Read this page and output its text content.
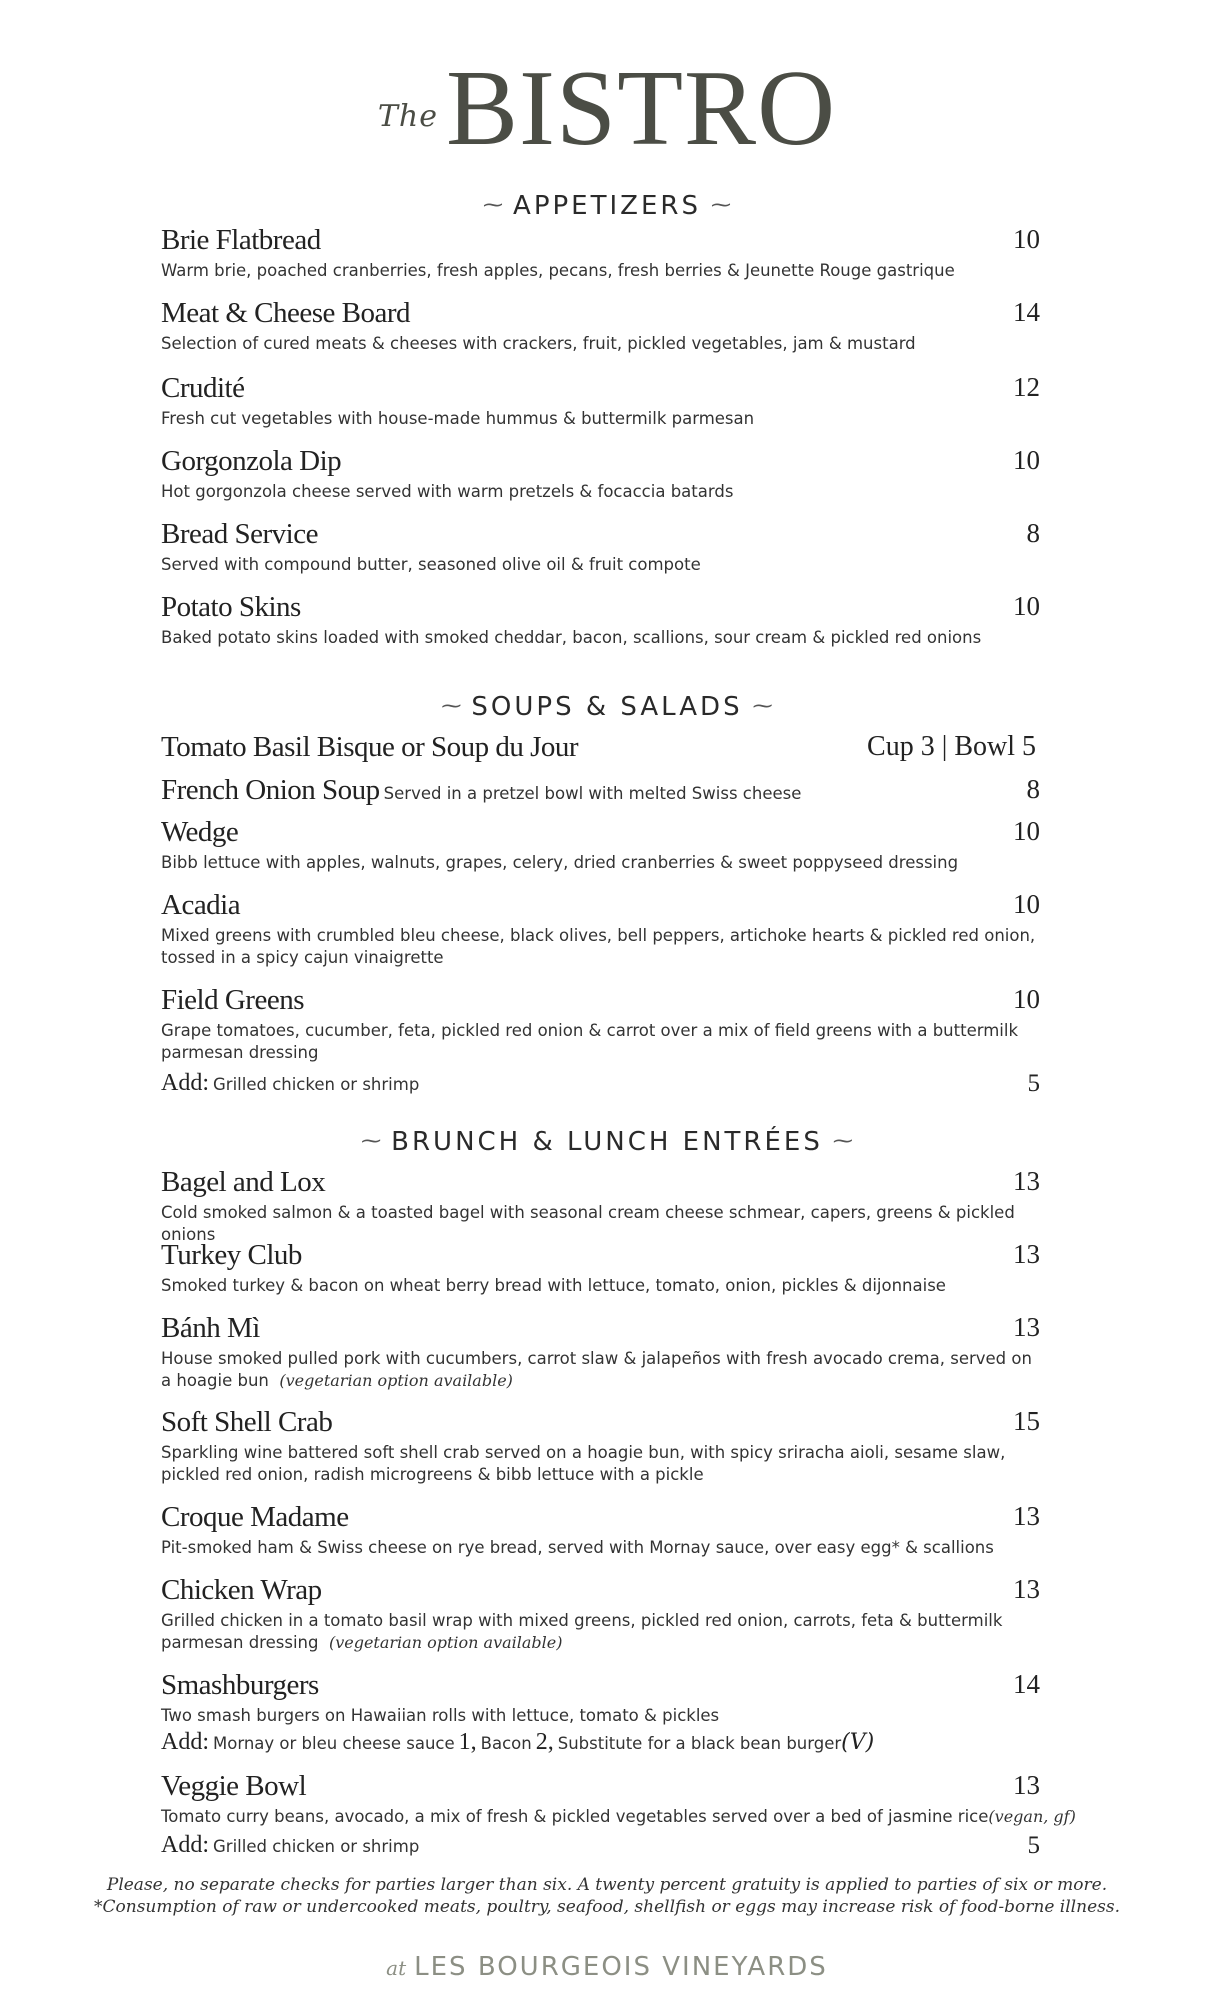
TheBISTRO
⁓ APPETIZERS ⁓
Brie Flatbread	10
Warm brie, poached cranberries, fresh apples, pecans, fresh berries & Jeunette Rouge gastrique
Meat & Cheese Board	14
Selection of cured meats & cheeses with crackers, fruit, pickled vegetables, jam & mustard
Crudité	12
Fresh cut vegetables with house-made hummus & buttermilk parmesan
Gorgonzola Dip	10
Hot gorgonzola cheese served with warm pretzels & focaccia batards
Bread Service	8
Served with compound butter, seasoned olive oil & fruit compote
Potato Skins	10
Baked potato skins loaded with smoked cheddar, bacon, scallions, sour cream & pickled red onions
⁓ SOUPS & SALADS ⁓
Tomato Basil Bisque or Soup du Jour	Cup 3 | Bowl 5
French Onion Soup Served in a pretzel bowl with melted Swiss cheese	8
Wedge	10
Bibb lettuce with apples, walnuts, grapes, celery, dried cranberries & sweet poppyseed dressing
Acadia	10
Mixed greens with crumbled bleu cheese, black olives, bell peppers, artichoke hearts & pickled red onion, tossed in a spicy cajun vinaigrette
Field Greens	10
Grape tomatoes, cucumber, feta, pickled red onion & carrot over a mix of field greens with a buttermilk parmesan dressing
Add: Grilled chicken or shrimp	5
⁓ BRUNCH & LUNCH ENTRÉES ⁓
Bagel and Lox	13
Cold smoked salmon & a toasted bagel with seasonal cream cheese schmear, capers, greens & pickled onions
Turkey Club	13
Smoked turkey & bacon on wheat berry bread with lettuce, tomato, onion, pickles & dijonnaise
Bánh Mì	13
House smoked pulled pork with cucumbers, carrot slaw & jalapeños with fresh avocado crema, served on a hoagie bun (vegetarian option available)
Soft Shell Crab	15
Sparkling wine battered soft shell crab served on a hoagie bun, with spicy sriracha aioli, sesame slaw, pickled red onion, radish microgreens & bibb lettuce with a pickle
Croque Madame	13
Pit-smoked ham & Swiss cheese on rye bread, served with Mornay sauce, over easy egg* & scallions
Chicken Wrap	13
Grilled chicken in a tomato basil wrap with mixed greens, pickled red onion, carrots, feta & buttermilk parmesan dressing (vegetarian option available)
Smashburgers	14
Two smash burgers on Hawaiian rolls with lettuce, tomato & pickles
Add: Mornay or bleu cheese sauce 1, Bacon 2, Substitute for a black bean burger(V)
Veggie Bowl	13
Tomato curry beans, avocado, a mix of fresh & pickled vegetables served over a bed of jasmine rice(vegan, gf)
Add: Grilled chicken or shrimp	5
Please, no separate checks for parties larger than six. A twenty percent gratuity is applied to parties of six or more.
*Consumption of raw or undercooked meats, poultry, seafood, shellfish or eggs may increase risk of food-borne illness.
at LES BOURGEOIS VINEYARDS
